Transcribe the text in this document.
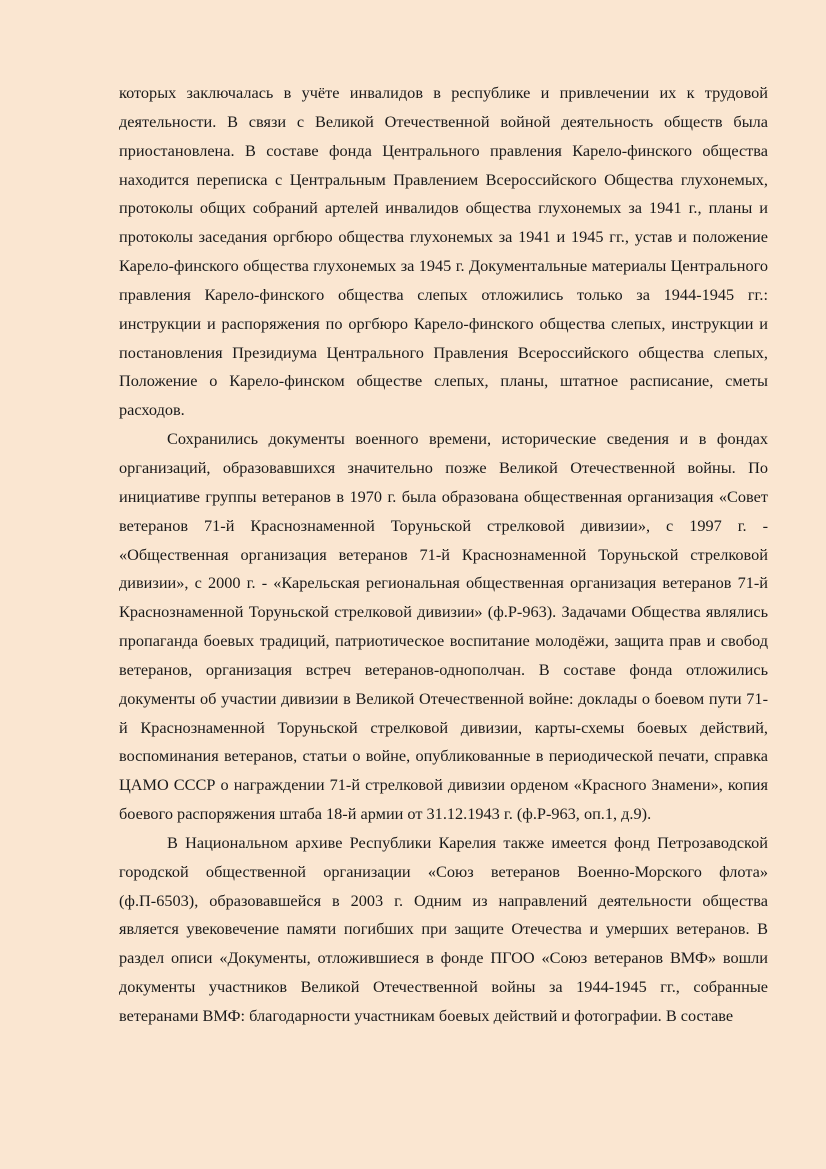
которых заключалась в учёте инвалидов в республике и привлечении их к трудовой деятельности. В связи с Великой Отечественной войной деятельность обществ была приостановлена. В составе фонда Центрального правления Карело-финского общества находится переписка с Центральным Правлением Всероссийского Общества глухонемых, протоколы общих собраний артелей инвалидов общества глухонемых за 1941 г., планы и протоколы заседания оргбюро общества глухонемых за 1941 и 1945 гг., устав и положение Карело-финского общества глухонемых за 1945 г. Документальные материалы Центрального правления Карело-финского общества слепых отложились только за 1944-1945 гг.: инструкции и распоряжения по оргбюро Карело-финского общества слепых, инструкции и постановления Президиума Центрального Правления Всероссийского общества слепых, Положение о Карело-финском обществе слепых, планы, штатное расписание, сметы расходов.

Сохранились документы военного времени, исторические сведения и в фондах организаций, образовавшихся значительно позже Великой Отечественной войны. По инициативе группы ветеранов в 1970 г. была образована общественная организация «Совет ветеранов 71-й Краснознаменной Торуньской стрелковой дивизии», с 1997 г. - «Общественная организация ветеранов 71-й Краснознаменной Торуньской стрелковой дивизии», с 2000 г. - «Карельская региональная общественная организация ветеранов 71-й Краснознаменной Торуньской стрелковой дивизии» (ф.Р-963). Задачами Общества являлись пропаганда боевых традиций, патриотическое воспитание молодёжи, защита прав и свобод ветеранов, организация встреч ветеранов-однополчан. В составе фонда отложились документы об участии дивизии в Великой Отечественной войне: доклады о боевом пути 71-й Краснознаменной Торуньской стрелковой дивизии, карты-схемы боевых действий, воспоминания ветеранов, статьи о войне, опубликованные в периодической печати, справка ЦАМО СССР о награждении 71-й стрелковой дивизии орденом «Красного Знамени», копия боевого распоряжения штаба 18-й армии от 31.12.1943 г. (ф.Р-963, оп.1, д.9).

В Национальном архиве Республики Карелия также имеется фонд Петрозаводской городской общественной организации «Союз ветеранов Военно-Морского флота» (ф.П-6503), образовавшейся в 2003 г. Одним из направлений деятельности общества является увековечение памяти погибших при защите Отечества и умерших ветеранов. В раздел описи «Документы, отложившиеся в фонде ПГОО «Союз ветеранов ВМФ» вошли документы участников Великой Отечественной войны за 1944-1945 гг., собранные ветеранами ВМФ: благодарности участникам боевых действий и фотографии. В составе
